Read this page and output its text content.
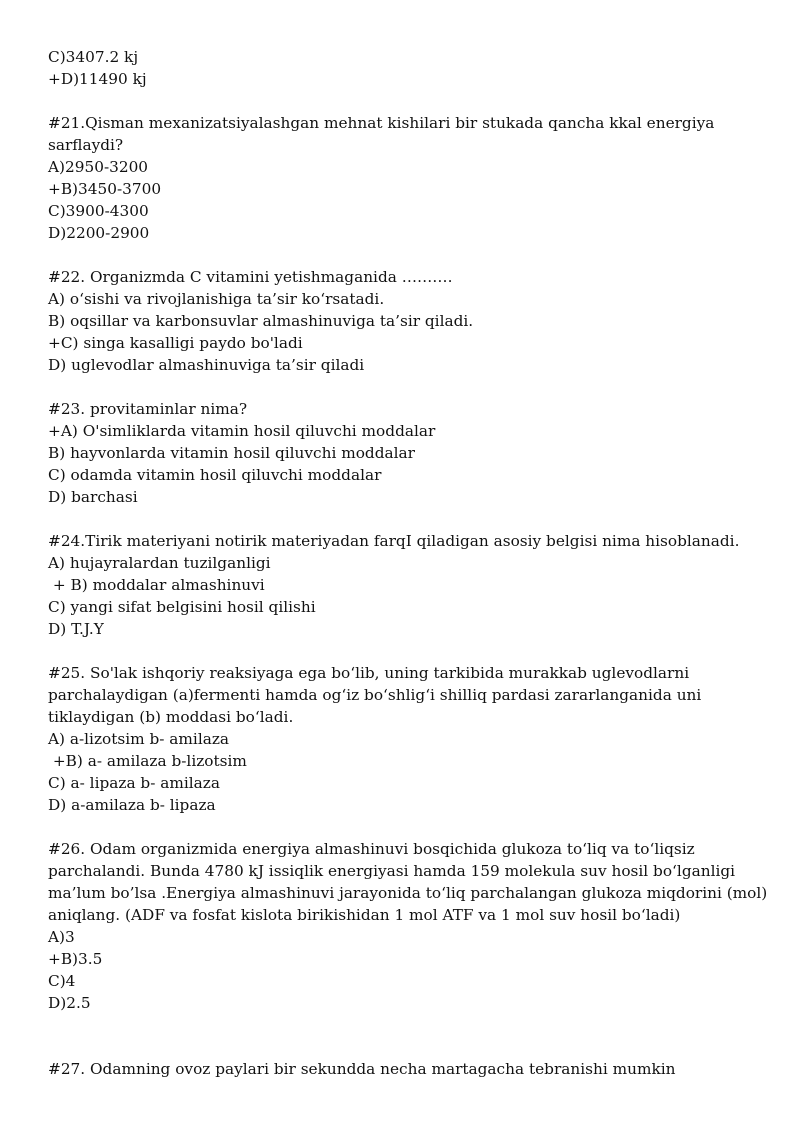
C)3407.2 kj
+D)11490 kj
#21.Qisman mexanizatsiyalashgan mehnat kishilari bir stukada qancha kkal energiya sarflaydi?
A)2950-3200
+B)3450-3700
C)3900-4300
D)2200-2900
#22. Organizmda C vitamini yetishmaganida ……….
A) o‘sishi va rivojlanishiga ta’sir ko‘rsatadi.
B) oqsillar va karbonsuvlar almashinuviga ta’sir qiladi.
+C) singa kasalligi paydo bo'ladi
D) uglevodlar almashinuviga ta’sir qiladi
#23. provitaminlar nima?
+A) O'simliklarda vitamin hosil qiluvchi moddalar
B) hayvonlarda vitamin hosil qiluvchi moddalar
C) odamda vitamin hosil qiluvchi moddalar
D) barchasi
#24.Tirik materiyani notirik materiyadan farqI qiladigan asosiy belgisi nima hisoblanadi.
A) hujayralardan tuzilganligi
+ B) moddalar almashinuvi
C) yangi sifat belgisini hosil qilishi
D) T.J.Y
#25. So'lak ishqoriy reaksiyaga ega bo‘lib, uning tarkibida murakkab uglevodlarni parchalaydigan (a)fermenti hamda og‘iz bo‘shlig‘i shilliq pardasi zararlanganida uni tiklaydigan (b) moddasi bo‘ladi.
A) a-lizotsim b- amilaza
+B) a- amilaza b-lizotsim
C) a- lipaza b- amilaza
D) a-amilaza b- lipaza
#26. Odam organizmida energiya almashinuvi bosqichida glukoza to‘liq va to‘liqsiz parchalandi. Bunda 4780 kJ issiqlik energiyasi hamda 159 molekula suv hosil bo‘lganligi ma’lum bo’lsa .Energiya almashinuvi jarayonida to‘liq parchalangan glukoza miqdorini (mol) aniqlang. (ADF va fosfat kislota birikishidan 1 mol ATF va 1 mol suv hosil bo‘ladi)
A)3
+B)3.5
C)4
D)2.5
#27. Odamning ovoz paylari bir sekundda necha martagacha tebranishi mumkin
